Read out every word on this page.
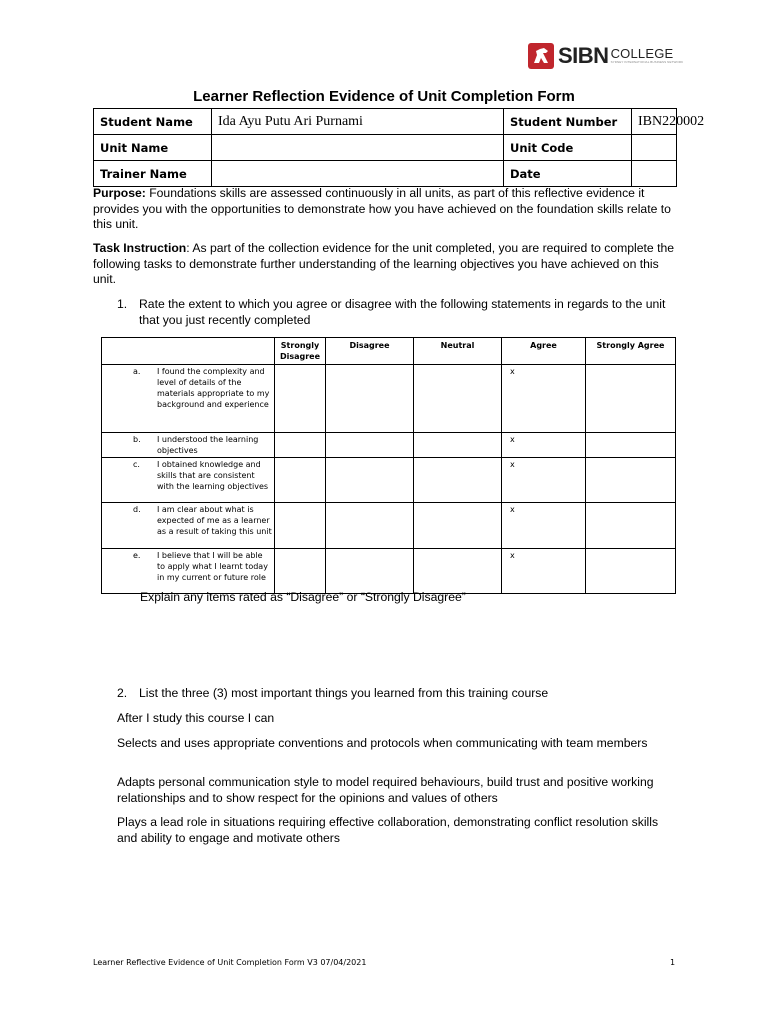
SIBN COLLEGE
SYDNEY INTERNATIONAL BUSINESS NETWORK
Learner Reflection Evidence of Unit Completion Form
Student Name	Ida Ayu Putu Ari Purnami	Student Number	IBN220002
Unit Name		Unit Code	
Trainer Name		Date	
Purpose: Foundations skills are assessed continuously in all units, as part of this reflective evidence it provides you with the opportunities to demonstrate how you have achieved on the foundation skills relate to this unit.
Task Instruction: As part of the collection evidence for the unit completed, you are required to complete the following tasks to demonstrate further understanding of the learning objectives you have achieved on this unit.
1. Rate the extent to which you agree or disagree with the following statements in regards to the unit that you just recently completed
	Strongly Disagree	Disagree	Neutral	Agree	Strongly Agree

a. I found the complexity and level of details of the materials appropriate to my background and experience				x	

b. I understood the learning objectives				x	

c. I obtained knowledge and skills that are consistent with the learning objectives				x	

d. I am clear about what is expected of me as a learner as a result of taking this unit				x	

e. I believe that I will be able to apply what I learnt today in my current or future role				x	
Explain any items rated as “Disagree” or “Strongly Disagree”
2. List the three (3) most important things you learned from this training course
After I study this course I can
Selects and uses appropriate conventions and protocols when communicating with team members
Adapts personal communication style to model required behaviours, build trust and positive working relationships and to show respect for the opinions and values of others
Plays a lead role in situations requiring effective collaboration, demonstrating conflict resolution skills and ability to engage and motivate others
Learner Reflective Evidence of Unit Completion Form V3 07/04/2021	1
